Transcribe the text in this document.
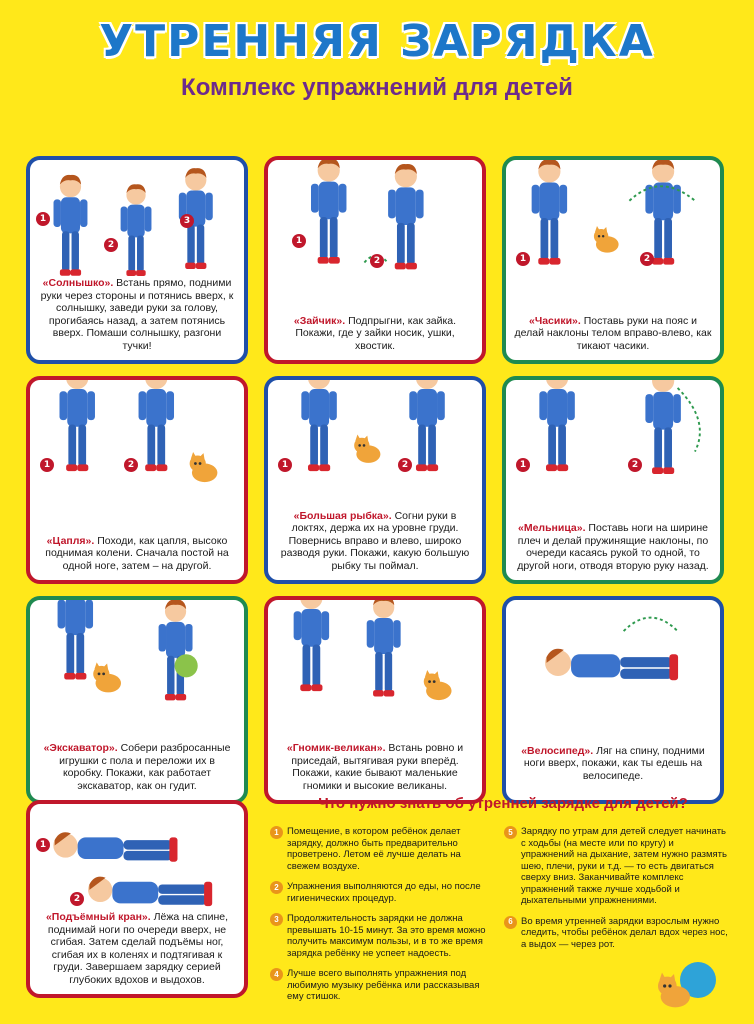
УТРЕННЯЯ ЗАРЯДКА
Комплекс упражнений для детей
1
2
3
«Солнышко». Встань прямо, подними руки через стороны и потянись вверх, к солнышку, заведи руки за голову, прогибаясь назад, а затем потянись вверх. Помаши солнышку, разгони тучки!
1
2
«Зайчик». Подпрыгни, как зайка. Покажи, где у зайки носик, ушки, хвостик.
1	2
«Часики». Поставь руки на пояс и делай наклоны телом вправо-влево, как тикают часики.
1	2
«Цапля». Походи, как цапля, высоко поднимая колени. Сначала постой на одной ноге, затем – на другой.
1	2
«Большая рыбка». Согни руки в локтях, держа их на уровне груди. Повернись вправо и влево, широко разводя руки. Покажи, какую большую рыбку ты поймал.
1	2
«Мельница». Поставь ноги на ширине плеч и делай пружинящие наклоны, по очереди касаясь рукой то одной, то другой ноги, отводя вторую руку назад.
«Экскаватор». Собери разбросанные игрушки с пола и переложи их в коробку. Покажи, как работает экскаватор, как он гудит.
«Гномик-великан». Встань ровно и приседай, вытягивая руки вперёд. Покажи, какие бывают маленькие гномики и высокие великаны.
«Велосипед». Ляг на спину, подними ноги вверх, покажи, как ты едешь на велосипеде.
1
2
«Подъёмный кран». Лёжа на спине, поднимай ноги по очереди вверх, не сгибая. Затем сделай подъёмы ног, сгибая их в коленях и подтягивая к груди. Завершаем зарядку серией глубоких вдохов и выдохов.
Что нужно знать об утренней зарядке для детей?
1 Помещение, в котором ребёнок делает зарядку, должно быть предварительно проветрено. Летом её лучше делать на свежем воздухе.
2 Упражнения выполняются до еды, но после гигиенических процедур.
3 Продолжительность зарядки не должна превышать 10-15 минут. За это время можно получить максимум пользы, и в то же время зарядка ребёнку не успеет надоесть.
4 Лучше всего выполнять упражнения под любимую музыку ребёнка или рассказывая ему стишок.
5 Зарядку по утрам для детей следует начинать с ходьбы (на месте или по кругу) и упражнений на дыхание, затем нужно размять шею, плечи, руки и т.д. — то есть двигаться сверху вниз. Заканчивайте комплекс упражнений также лучше ходьбой и дыхательными упражнениями.
6 Во время утренней зарядки взрослым нужно следить, чтобы ребёнок делал вдох через нос, а выдох — через рот.
